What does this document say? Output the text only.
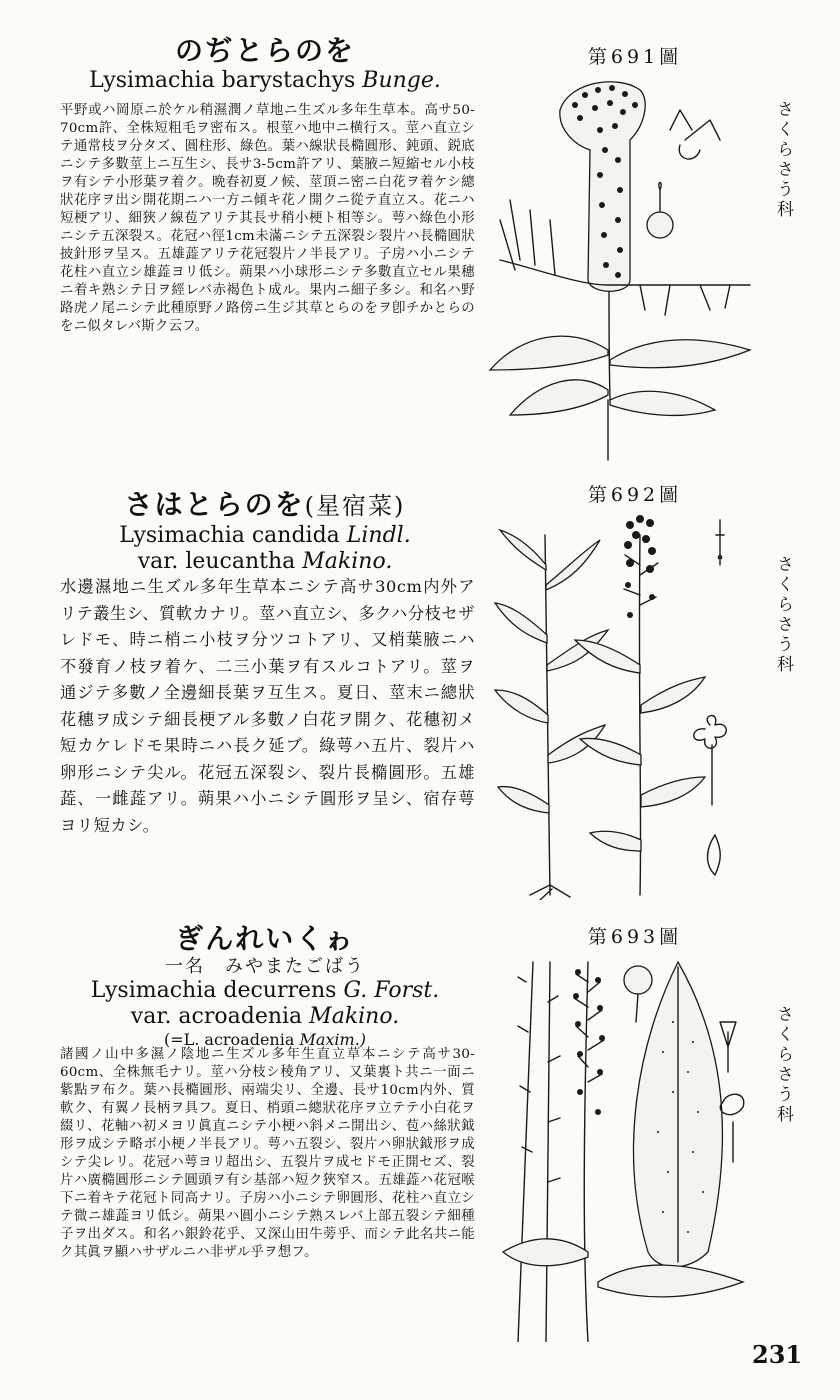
のぢとらのを
Lysimachia barystachys Bunge.
平野或ハ岡原ニ於ケル稍濕潤ノ草地ニ生ズル多年生草本。高サ50-70cm許、全株短粗毛ヲ密布ス。根莖ハ地中ニ横行ス。莖ハ直立シテ通常枝ヲ分タズ、圓柱形、綠色。葉ハ線狀長橢圓形、鈍頭、鋭底ニシテ多數莖上ニ互生シ、長サ3-5cm許アリ、葉腋ニ短縮セル小枝ヲ有シテ小形葉ヲ着ク。晩春初夏ノ候、莖頂ニ密ニ白花ヲ着ケシ總狀花序ヲ出シ開花期ニハ一方ニ傾キ花ノ開クニ從テ直立ス。花ニハ短梗アリ、細狹ノ線苞アリテ其長サ稍小梗ト相等シ。萼ハ綠色小形ニシテ五深裂ス。花冠ハ徑1cm未滿ニシテ五深裂シ裂片ハ長橢圓狀披針形ヲ呈ス。五雄蕋アリテ花冠裂片ノ半長アリ。子房ハ小ニシテ花柱ハ直立シ雄蕋ヨリ低シ。蒴果ハ小球形ニシテ多數直立セル果穗ニ着キ熟シテ日ヲ經レバ赤褐色ト成ル。果内ニ細子多シ。和名ハ野路虎ノ尾ニシテ此種原野ノ路傍ニ生ジ其草とらのをヲ卽チかとらのをニ似タレバ斯ク云フ。
第691圖
さくらさう科
さはとらのを(星宿菜)
Lysimachia candida Lindl.
var. leucantha Makino.
水邊濕地ニ生ズル多年生草本ニシテ高サ30cm内外アリテ叢生シ、質軟カナリ。莖ハ直立シ、多クハ分枝セザレドモ、時ニ梢ニ小枝ヲ分ツコトアリ、又梢葉腋ニハ不發育ノ枝ヲ着ケ、二三小葉ヲ有スルコトアリ。莖ヲ通ジテ多數ノ全邊細長葉ヲ互生ス。夏日、莖末ニ總狀花穗ヲ成シテ細長梗アル多數ノ白花ヲ開ク、花穗初メ短カケレドモ果時ニハ長ク延ブ。綠萼ハ五片、裂片ハ卵形ニシテ尖ル。花冠五深裂シ、裂片長橢圓形。五雄蕋、一雌蕋アリ。蒴果ハ小ニシテ圓形ヲ呈シ、宿存萼ヨリ短カシ。
第692圖
さくらさう科
ぎんれいくゎ
一名　みやまたごばう
Lysimachia decurrens G. Forst.
var. acroadenia Makino.
(=L. acroadenia Maxim.)
諸國ノ山中多濕ノ陰地ニ生ズル多年生直立草本ニシテ高サ30-60cm、全株無毛ナリ。莖ハ分枝シ稜角アリ、又葉裏ト共ニ一面ニ紫點ヲ布ク。葉ハ長橢圓形、兩端尖リ、全邊、長サ10cm内外、質軟ク、有翼ノ長柄ヲ具フ。夏日、梢頭ニ總狀花序ヲ立テテ小白花ヲ綴リ、花軸ハ初メヨリ眞直ニシテ小梗ハ斜メニ開出シ、苞ハ絲狀鉞形ヲ成シテ略ボ小梗ノ半長アリ。萼ハ五裂シ、裂片ハ卵狀鉞形ヲ成シテ尖レリ。花冠ハ萼ヨリ超出シ、五裂片ヲ成セドモ正開セズ、裂片ハ廣橢圓形ニシテ圓頭ヲ有シ基部ハ短ク狹窄ス。五雄蕋ハ花冠喉下ニ着キテ花冠ト同高ナリ。子房ハ小ニシテ卵圓形、花柱ハ直立シテ微ニ雄蕋ヨリ低シ。蒴果ハ圓小ニシテ熟スレバ上部五裂シテ細種子ヲ出ダス。和名ハ銀鈴花乎、又深山田牛蒡乎、而シテ此名共ニ能ク其眞ヲ顯ハサザルニハ非ザル乎ヲ想フ。
第693圖
さくらさう科
231
